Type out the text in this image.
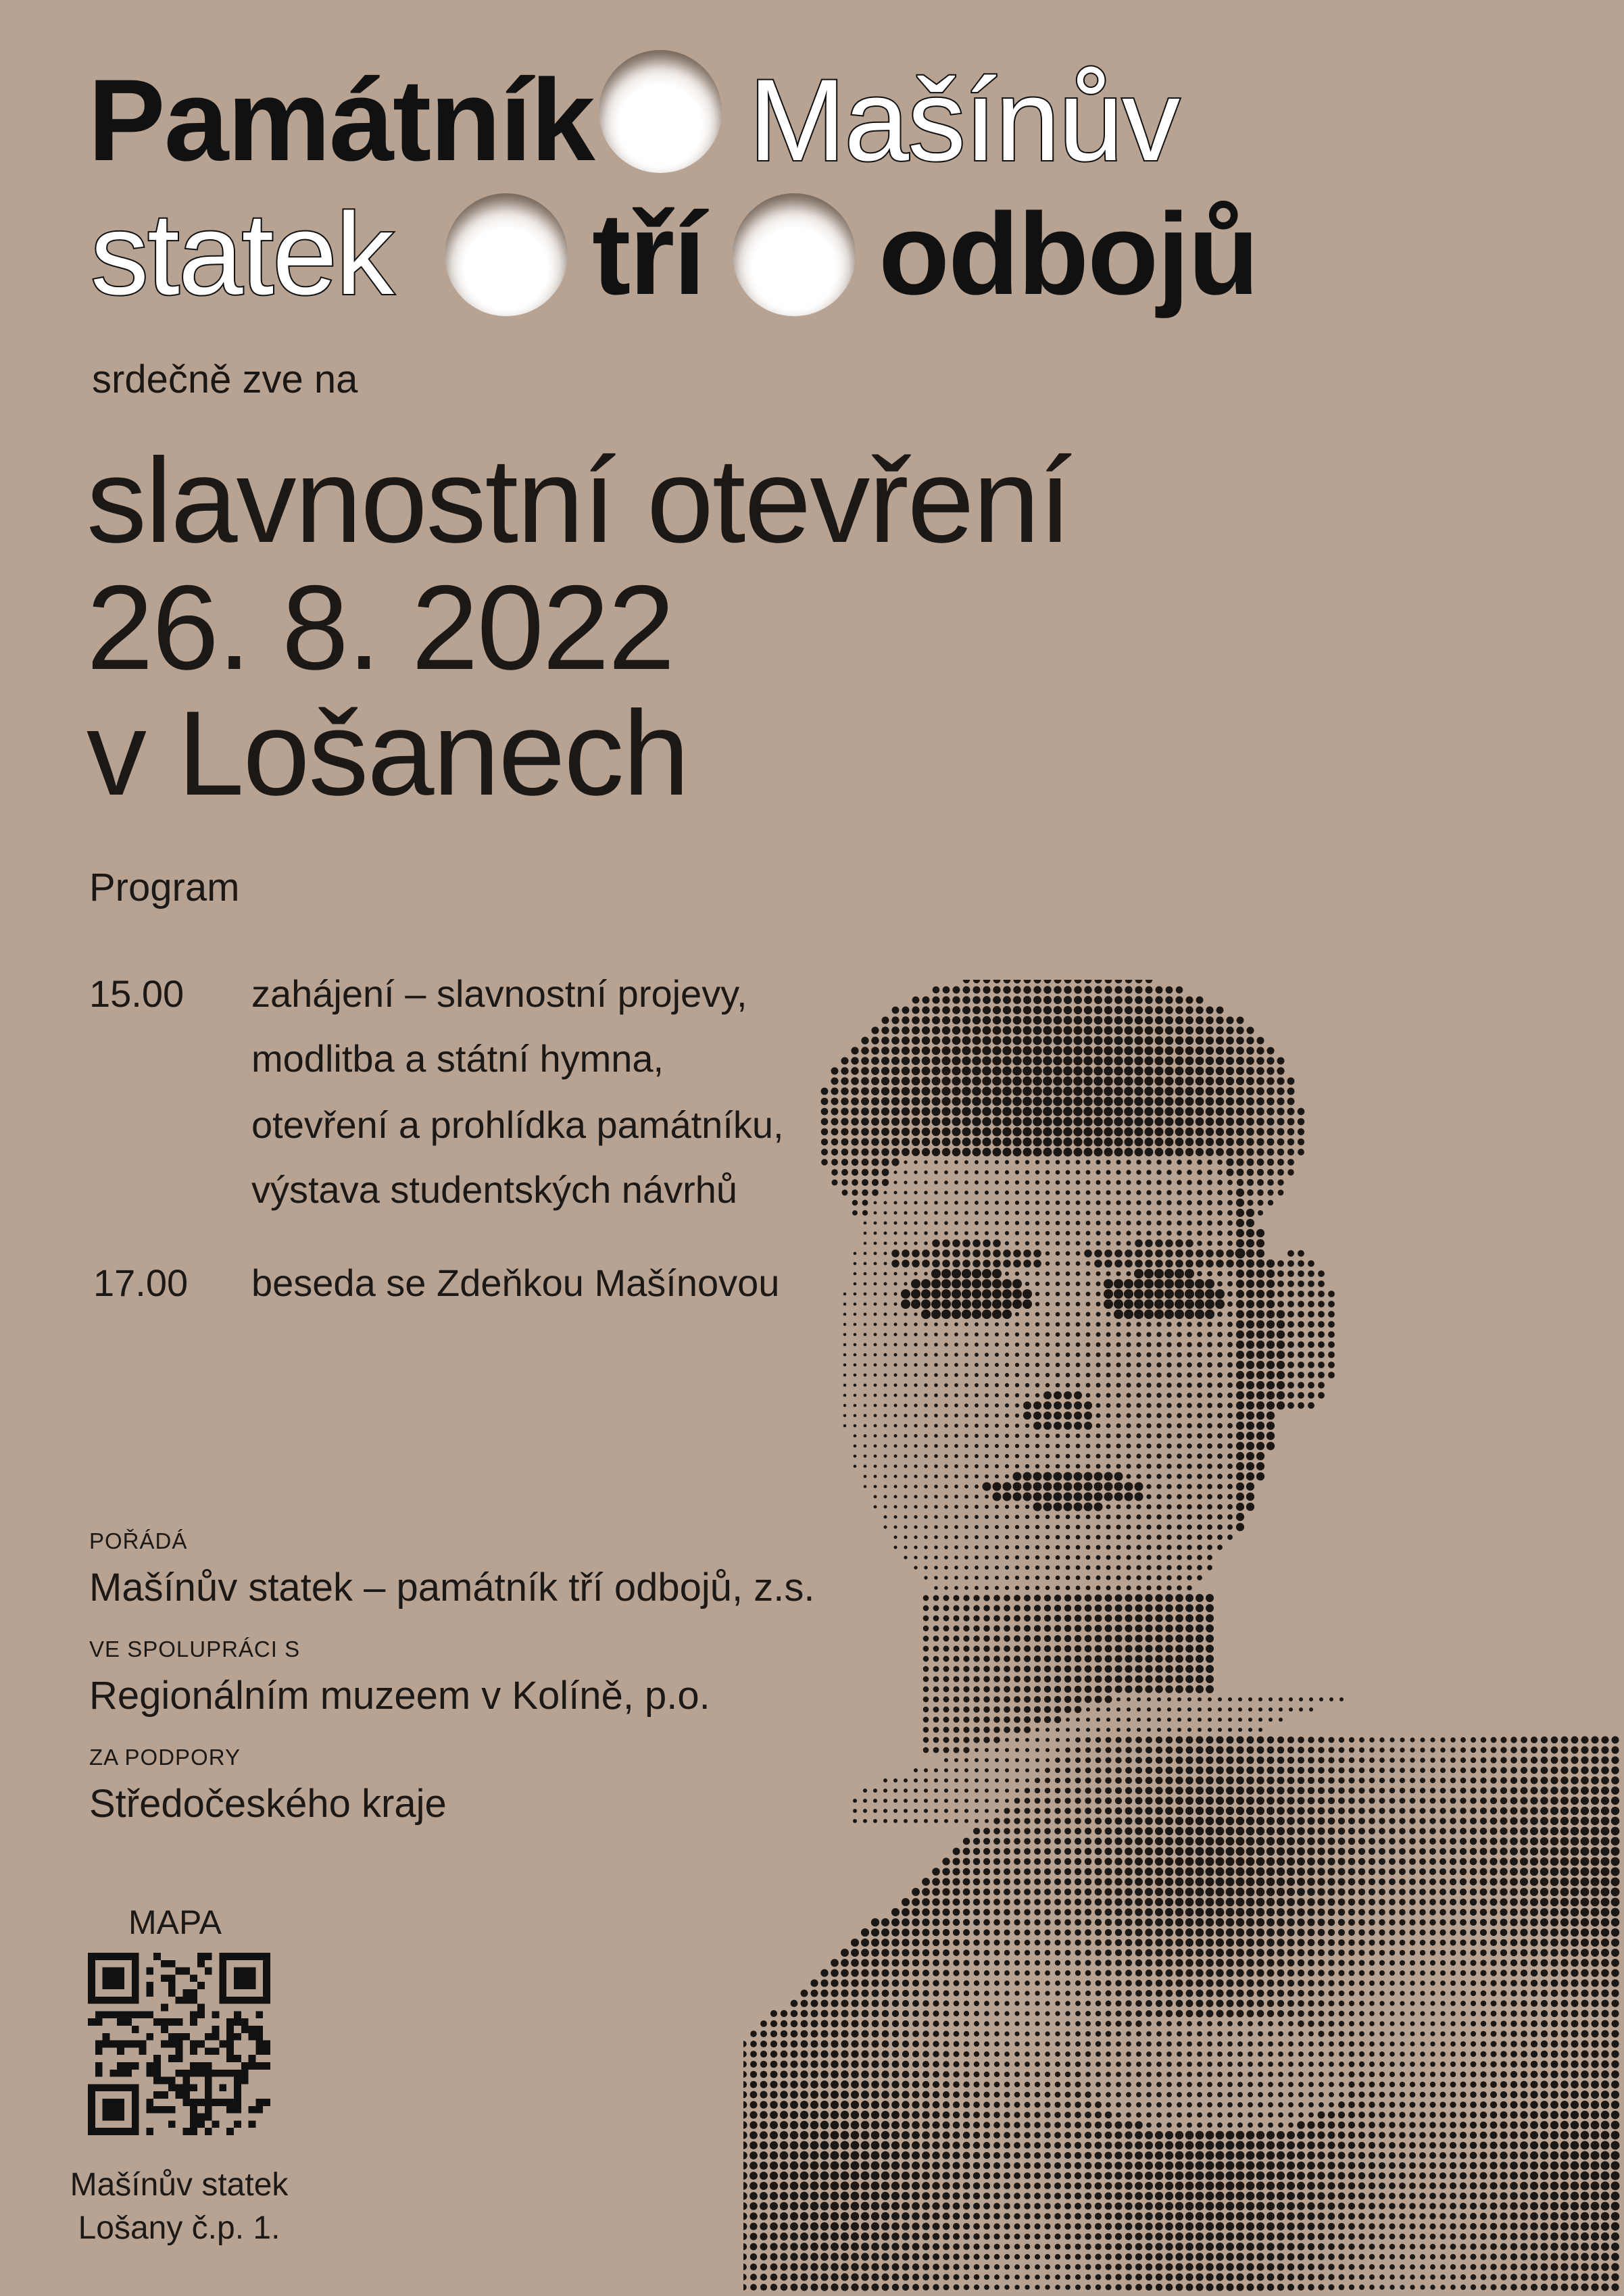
Památník Mašínův
statek tří odbojů
srdečně zve na
slavnostní otevření
26. 8. 2022
v Lošanech
Program
15.00 zahájení – slavnostní projevy,
modlitba a státní hymna,
otevření a prohlídka památníku,
výstava studentských návrhů
17.00 beseda se Zdeňkou Mašínovou
POŘÁDÁ
Mašínův statek – památník tří odbojů, z.s.
VE SPOLUPRÁCI S
Regionálním muzeem v Kolíně, p.o.
ZA PODPORY
Středočeského kraje
MAPA
Mašínův statek
Lošany č.p. 1.
